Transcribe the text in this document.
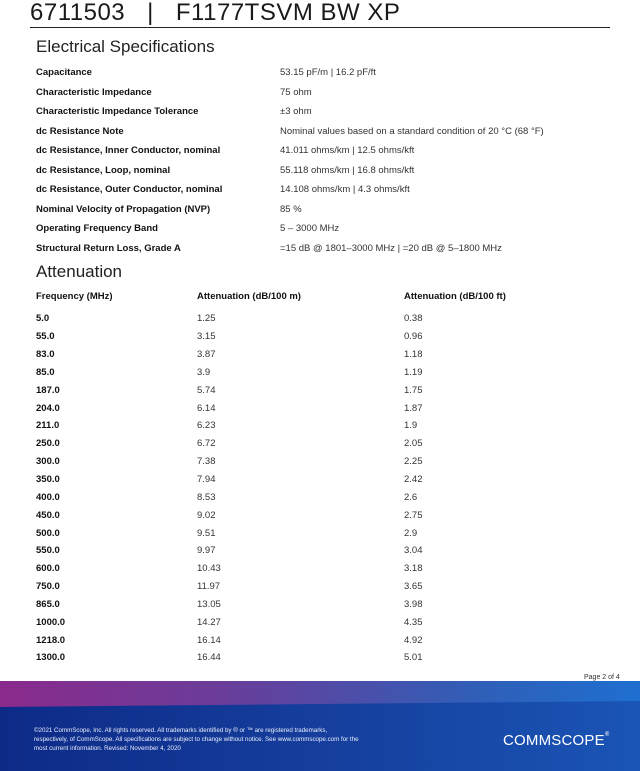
6711503 | F1177TSVM BW XP
Electrical Specifications
Capacitance	53.15 pF/m | 16.2 pF/ft
Characteristic Impedance	75 ohm
Characteristic Impedance Tolerance	±3 ohm
dc Resistance Note	Nominal values based on a standard condition of 20 °C (68 °F)
dc Resistance, Inner Conductor, nominal	41.011 ohms/km | 12.5 ohms/kft
dc Resistance, Loop, nominal	55.118 ohms/km | 16.8 ohms/kft
dc Resistance, Outer Conductor, nominal	14.108 ohms/km | 4.3 ohms/kft
Nominal Velocity of Propagation (NVP)	85 %
Operating Frequency Band	5 – 3000 MHz
Structural Return Loss, Grade A	=15 dB @ 1801–3000 MHz | =20 dB @ 5–1800 MHz
Attenuation
Frequency (MHz)	Attenuation (dB/100 m)	Attenuation (dB/100 ft)
5.0	1.25	0.38
55.0	3.15	0.96
83.0	3.87	1.18
85.0	3.9	1.19
187.0	5.74	1.75
204.0	6.14	1.87
211.0	6.23	1.9
250.0	6.72	2.05
300.0	7.38	2.25
350.0	7.94	2.42
400.0	8.53	2.6
450.0	9.02	2.75
500.0	9.51	2.9
550.0	9.97	3.04
600.0	10.43	3.18
750.0	11.97	3.65
865.0	13.05	3.98
1000.0	14.27	4.35
1218.0	16.14	4.92
1300.0	16.44	5.01
Page 2 of 4
©2021 CommScope, Inc. All rights reserved. All trademarks identified by ® or ™ are registered trademarks,
respectively, of CommScope. All specifications are subject to change without notice. See www.commscope.com for the
most current information. Revised: November 4, 2020	COMMSCOPE®
